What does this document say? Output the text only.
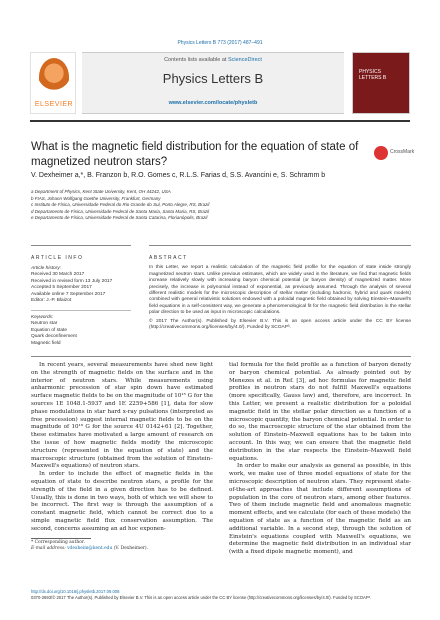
Physics Letters B 773 (2017) 487–491
ELSEVIER
Contents lists available at ScienceDirect
Physics Letters B
www.elsevier.com/locate/physletb
PHYSICS
LETTERS B
What is the magnetic field distribution for the equation of state of magnetized neutron stars?
CrossMark
V. Dexheimer a,*, B. Franzon b, R.O. Gomes c, R.L.S. Farias d, S.S. Avancini e, S. Schramm b
a Department of Physics, Kent State University, Kent, OH 44242, USA
b FIAS, Johann Wolfgang Goethe University, Frankfurt, Germany
c Instituto de Física, Universidade Federal do Rio Grande do Sul, Porto Alegre, RS, Brazil
d Departamento de Física, Universidade Federal de Santa Maria, Santa Maria, RS, Brazil
e Departamento de Física, Universidade Federal de Santa Catarina, Florianópolis, Brazil
ARTICLE INFO
Article history:
Received 30 March 2017
Received in revised form 13 July 2017
Accepted 5 September 2017
Available online 7 September 2017
Editor: J.-P. Blaizot
Keywords:
Neutron star
Equation of state
Quark deconfinement
Magnetic field
ABSTRACT
In this Letter, we report a realistic calculation of the magnetic field profile for the equation of state inside strongly magnetized neutron stars. Unlike previous estimates, which are widely used in the literature, we find that magnetic fields increase relatively slowly with increasing baryon chemical potential (or baryon density) of magnetized matter. More precisely, the increase is polynomial instead of exponential, as previously assumed. Through the analysis of several different realistic models for the microscopic description of stellar matter (including hadronic, hybrid and quark models) combined with general relativistic solutions endowed with a poloidal magnetic field obtained by solving Einstein–Maxwell's field equations in a self-consistent way, we generate a phenomenological fit for the magnetic field distribution in the stellar polar direction to be used as input in microscopic calculations.
© 2017 The Author(s). Published by Elsevier B.V. This is an open access article under the CC BY license (http://creativecommons.org/licenses/by/4.0/). Funded by SCOAP³.

In recent years, several measurements have shed new light on the strength of magnetic fields on the surface and in the interior of neutron stars. While measurements using anharmonic precession of star spin down have estimated surface magnetic fields to be on the magnitude of 10¹⁵ G for the sources 1E 1048.1-5937 and 1E 2259+586 [1], data for slow phase modulations in star hard x-ray pulsations (interpreted as free precession) suggest internal magnetic fields to be on the magnitude of 10¹⁶ G for the source 4U 0142+61 [2]. Together, these estimates have motivated a large amount of research on the issue of how magnetic fields modify the microscopic structure (represented in the equation of state) and the macroscopic structure (obtained from the solution of Einstein–Maxwell's equations) of neutron stars.

In order to include the effect of magnetic fields in the equation of state to describe neutron stars, a profile for the strength of the field in a given direction has to be defined. Usually, this is done in two ways, both of which we will show to be incorrect. The first way is through the assumption of a constant magnetic field, which cannot be correct due to a simple magnetic field flux conservation assumption. The second, concerns assuming an ad hoc exponen-

tial formula for the field profile as a function of baryon density or baryon chemical potential. As already pointed out by Menezes et al. in Ref. [3], ad hoc formulas for magnetic field profiles in neutron stars do not fulfill Maxwell's equations (more specifically, Gauss law) and, therefore, are incorrect. In this Letter, we present a realistic distribution for a poloidal magnetic field in the stellar polar direction as a function of a microscopic quantity, the baryon chemical potential. In order to do so, the macroscopic structure of the star obtained from the solution of Einstein–Maxwell equations has to be taken into account. In this way, we can ensure that the magnetic field distribution in the star respects the Einstein–Maxwell field equations.

In order to make our analysis as general as possible, in this work, we make use of three model equations of state for the microscopic description of neutron stars. They represent state-of-the-art approaches that include different assumptions of population in the core of neutron stars, among other features. Two of them include magnetic field and anomalous magnetic moment effects, and we calculate (for each of these models) the equation of state as a function of the magnetic field as an additional variable. In a second step, through the solution of Einstein's equations coupled with Maxwell's equations, we determine the magnetic field distribution in an individual star (with a fixed dipole magnetic moment), and

* Corresponding author.
E-mail address: vdexheim@kent.edu (V. Dexheimer).
http://dx.doi.org/10.1016/j.physletb.2017.09.008
0370-2693/© 2017 The Author(s). Published by Elsevier B.V. This is an open access article under the CC BY license (http://creativecommons.org/licenses/by/4.0/). Funded by SCOAP³.
